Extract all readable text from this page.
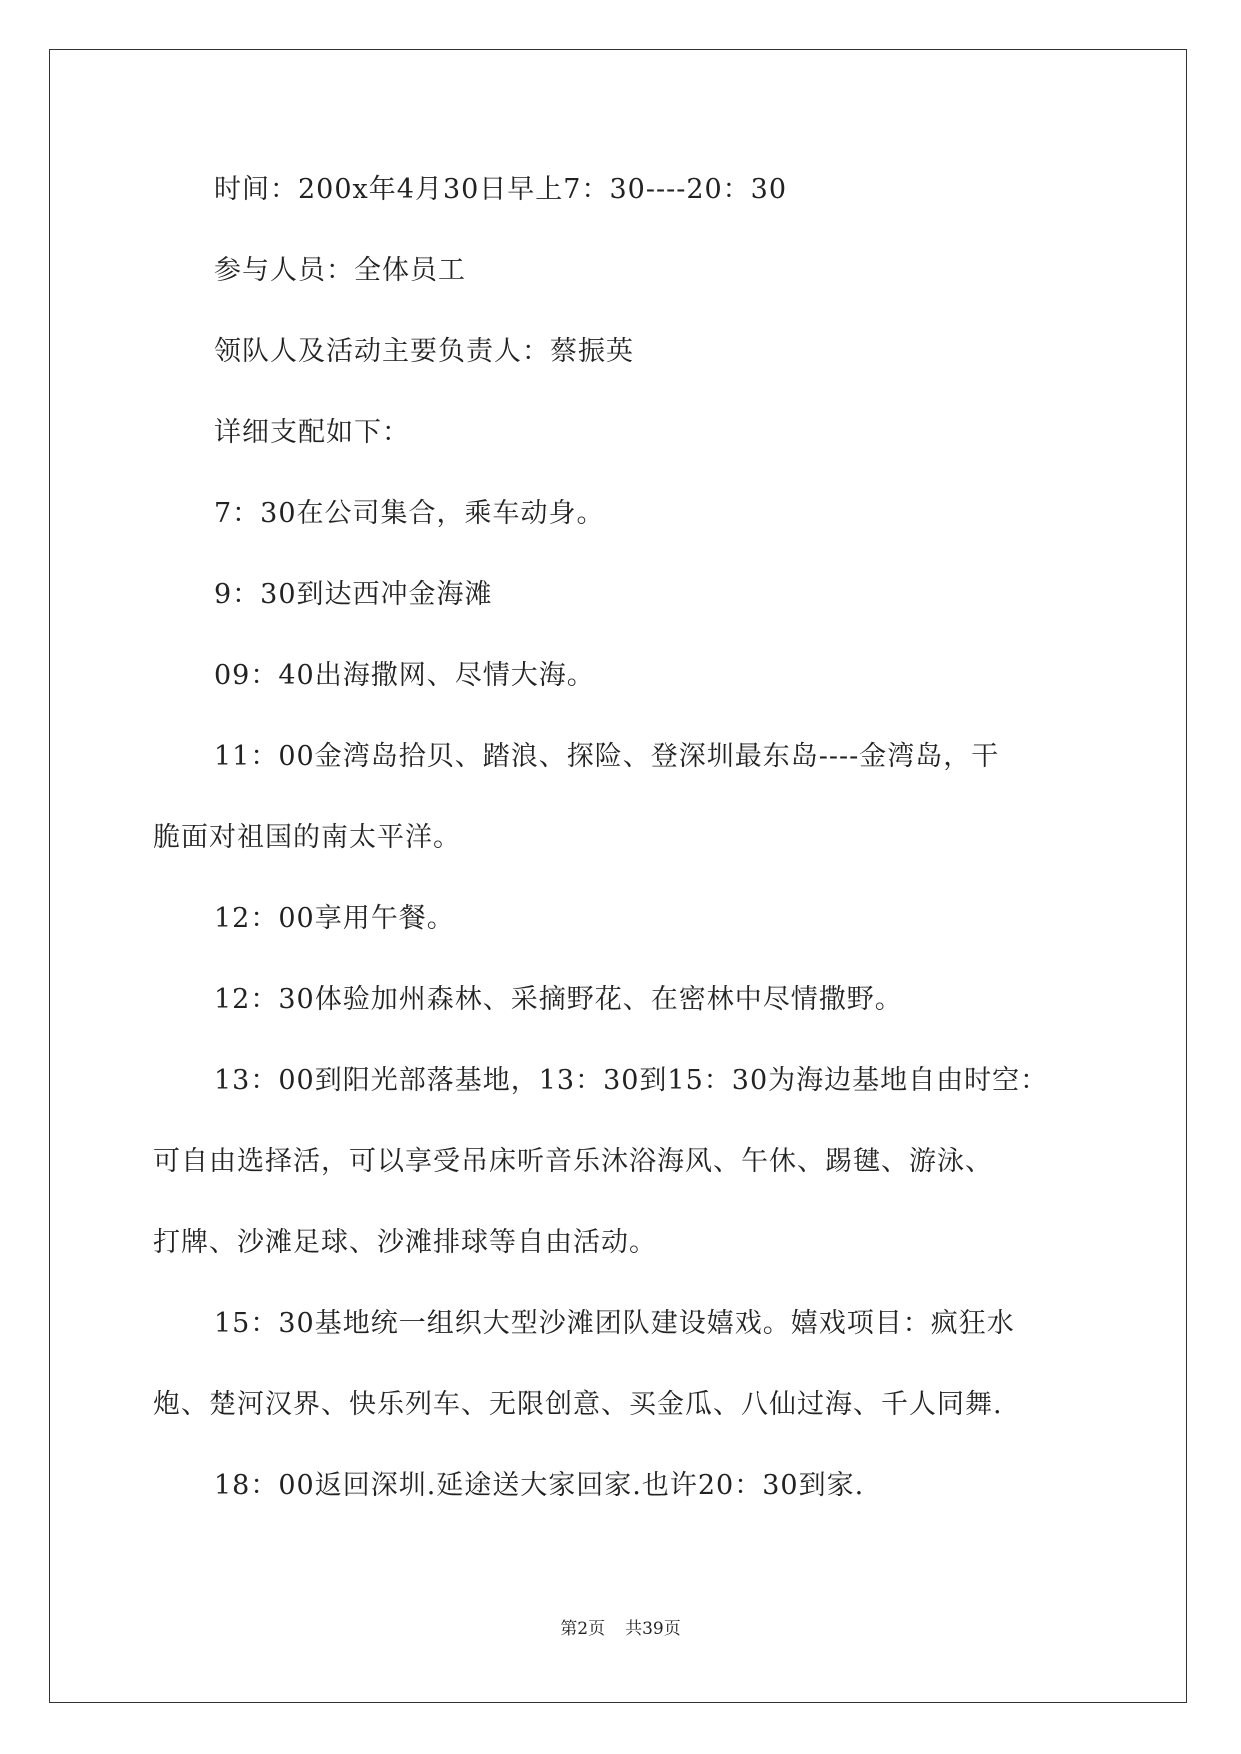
时间：200x年4月30日早上7：30----20：30
参与人员：全体员工
领队人及活动主要负责人：蔡振英
详细支配如下：
7：30在公司集合，乘车动身。
9：30到达西冲金海滩
09：40出海撒网、尽情大海。
11：00金湾岛拾贝、踏浪、探险、登深圳最东岛----金湾岛，干
脆面对祖国的南太平洋。
12：00享用午餐。
12：30体验加州森林、采摘野花、在密林中尽情撒野。
13：00到阳光部落基地，13：30到15：30为海边基地自由时空：
可自由选择活，可以享受吊床听音乐沐浴海风、午休、踢毽、游泳、
打牌、沙滩足球、沙滩排球等自由活动。
15：30基地统一组织大型沙滩团队建设嬉戏。嬉戏项目：疯狂水
炮、楚河汉界、快乐列车、无限创意、买金瓜、八仙过海、千人同舞.
18：00返回深圳.延途送大家回家.也许20：30到家.
第2页 共39页
